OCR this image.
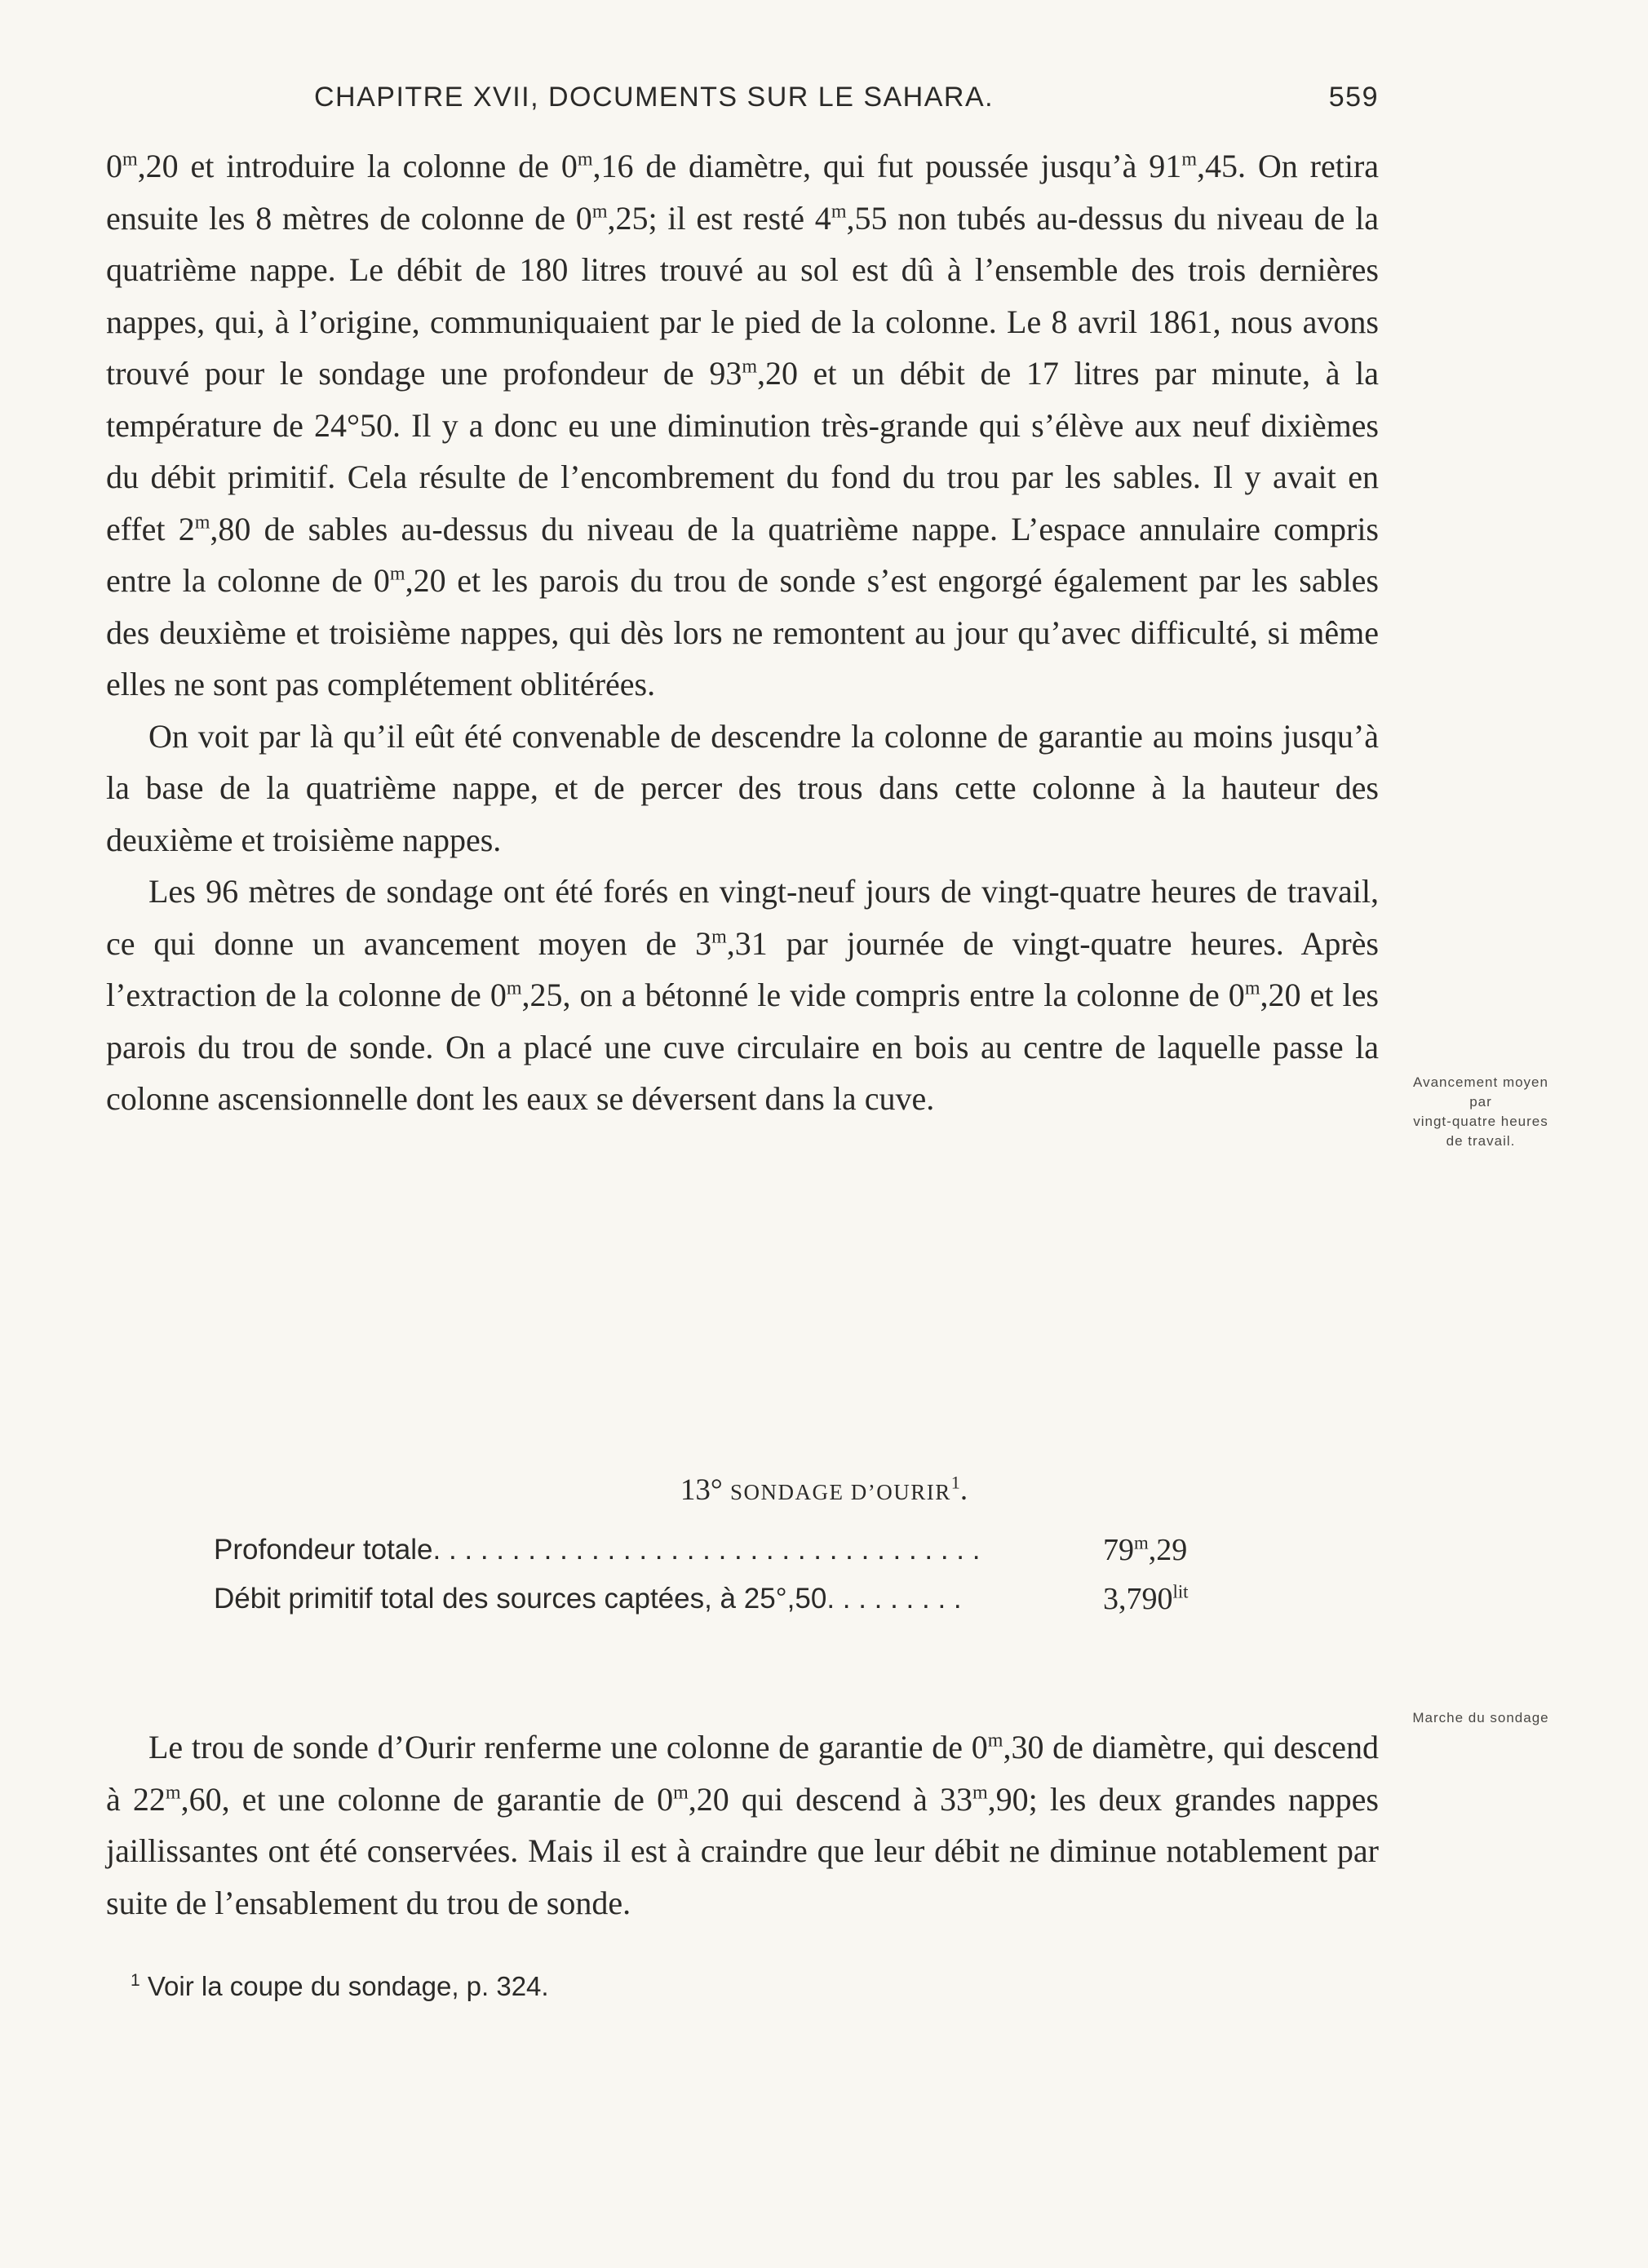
CHAPITRE XVII, DOCUMENTS SUR LE SAHARA.	559

0$^m$,20 et introduire la colonne de 0$^m$,16 de diamètre, qui fut poussée jusqu’à 91$^m$,45. On retira ensuite les 8 mètres de colonne de 0$^m$,25; il est resté 4$^m$,55 non tubés au-dessus du niveau de la quatrième nappe. Le débit de 180 litres trouvé au sol est dû à l’ensemble des trois dernières nappes, qui, à l’origine, communiquaient par le pied de la colonne. Le 8 avril 1861, nous avons trouvé pour le sondage une profondeur de 93$^m$,20 et un débit de 17 litres par minute, à la température de 24°50. Il y a donc eu une diminution très-grande qui s’élève aux neuf dixièmes du débit primitif. Cela résulte de l’encombrement du fond du trou par les sables. Il y avait en effet 2$^m$,80 de sables au-dessus du niveau de la quatrième nappe. L’espace annulaire compris entre la colonne de 0$^m$,20 et les parois du trou de sonde s’est engorgé également par les sables des deuxième et troisième nappes, qui dès lors ne remontent au jour qu’avec difficulté, si même elles ne sont pas complétement oblitérées.

On voit par là qu’il eût été convenable de descendre la colonne de garantie au moins jusqu’à la base de la quatrième nappe, et de percer des trous dans cette colonne à la hauteur des deuxième et troisième nappes.

Les 96 mètres de sondage ont été forés en vingt-neuf jours de vingt-quatre heures de travail, ce qui donne un avancement moyen de 3$^m$,31 par journée de vingt-quatre heures. Après l’extraction de la colonne de 0$^m$,25, on a bétonné le vide compris entre la colonne de 0$^m$,20 et les parois du trou de sonde. On a placé une cuve circulaire en bois au centre de laquelle passe la colonne ascensionnelle dont les eaux se déversent dans la cuve.	Avancement moyen
par
vingt-quatre heures
de travail.
13° SONDAGE D’OURIR$^1$.
Profondeur totale. . . . . . . . . . . . . . . . . . . . . . . . . . . . . . . . . . .	79$^m$,29
Débit primitif total des sources captées, à 25°,50. . . . . . . . .	$3,790^{lit}$

Le trou de sonde d’Ourir renferme une colonne de garantie de 0$^m$,30 de diamètre, qui descend à 22$^m$,60, et une colonne de garantie de 0$^m$,20 qui descend à 33$^m$,90; les deux grandes nappes jaillissantes ont été conservées. Mais il est à craindre que leur débit ne diminue notablement par suite de l’ensablement du trou de sonde.

Marche du sondage
$^1$ Voir la coupe du sondage, p. 324.
